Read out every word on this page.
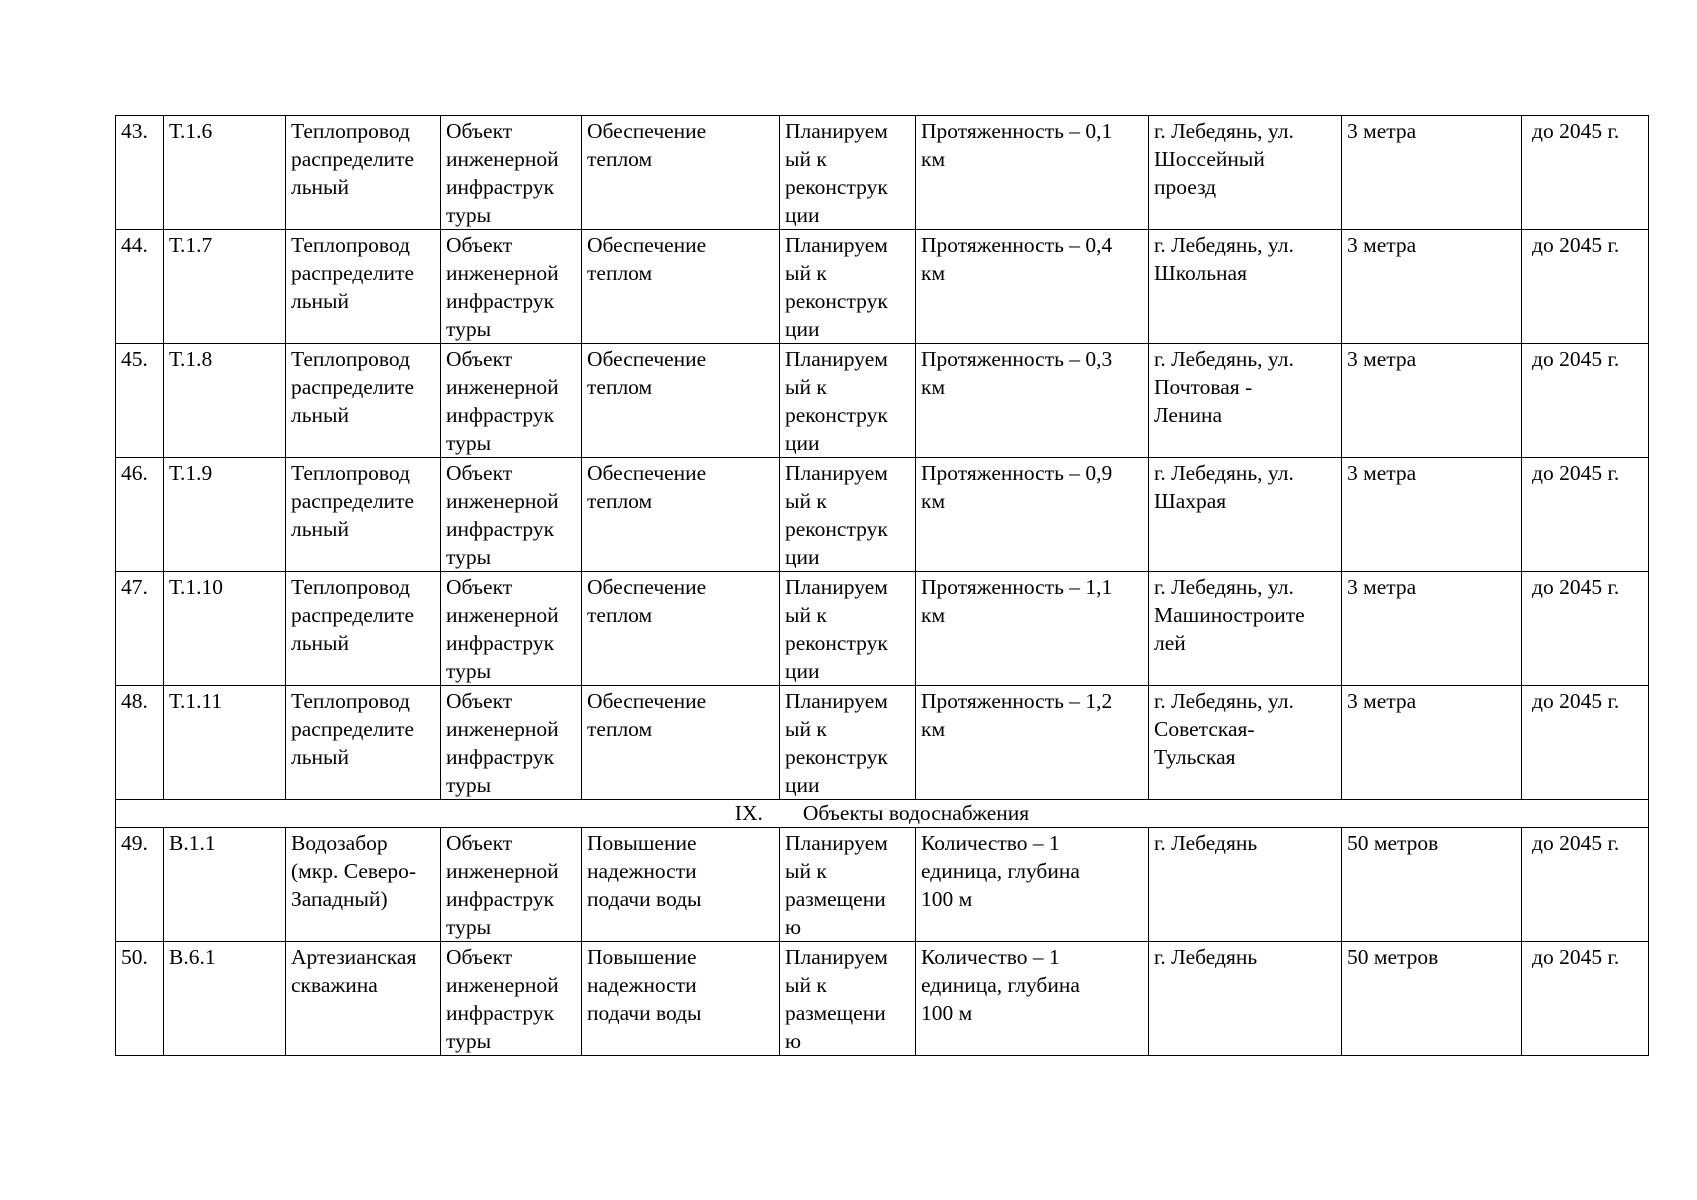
43.	Т.1.6	Теплопровод
распределите
льный	Объект
инженерной
инфраструк
туры	Обеспечение
теплом	Планируем
ый к
реконструк
ции	Протяженность – 0,1
км	г. Лебедянь, ул.
Шоссейный
проезд	3 метра	до 2045 г.
44.	Т.1.7	Теплопровод
распределите
льный	Объект
инженерной
инфраструк
туры	Обеспечение
теплом	Планируем
ый к
реконструк
ции	Протяженность – 0,4
км	г. Лебедянь, ул.
Школьная	3 метра	до 2045 г.
45.	Т.1.8	Теплопровод
распределите
льный	Объект
инженерной
инфраструк
туры	Обеспечение
теплом	Планируем
ый к
реконструк
ции	Протяженность – 0,3
км	г. Лебедянь, ул.
Почтовая -
Ленина	3 метра	до 2045 г.
46.	Т.1.9	Теплопровод
распределите
льный	Объект
инженерной
инфраструк
туры	Обеспечение
теплом	Планируем
ый к
реконструк
ции	Протяженность – 0,9
км	г. Лебедянь, ул.
Шахрая	3 метра	до 2045 г.
47.	Т.1.10	Теплопровод
распределите
льный	Объект
инженерной
инфраструк
туры	Обеспечение
теплом	Планируем
ый к
реконструк
ции	Протяженность – 1,1
км	г. Лебедянь, ул.
Машиностроите
лей	3 метра	до 2045 г.
48.	Т.1.11	Теплопровод
распределите
льный	Объект
инженерной
инфраструк
туры	Обеспечение
теплом	Планируем
ый к
реконструк
ции	Протяженность – 1,2
км	г. Лебедянь, ул.
Советская-
Тульская	3 метра	до 2045 г.
IX. Объекты водоснабжения									
49.	В.1.1	Водозабор
(мкр. Северо-
Западный)	Объект
инженерной
инфраструк
туры	Повышение
надежности
подачи воды	Планируем
ый к
размещени
ю	Количество – 1
единица, глубина
100 м	г. Лебедянь	50 метров	до 2045 г.
50.	В.6.1	Артезианская
скважина	Объект
инженерной
инфраструк
туры	Повышение
надежности
подачи воды	Планируем
ый к
размещени
ю	Количество – 1
единица, глубина
100 м	г. Лебедянь	50 метров	до 2045 г.
